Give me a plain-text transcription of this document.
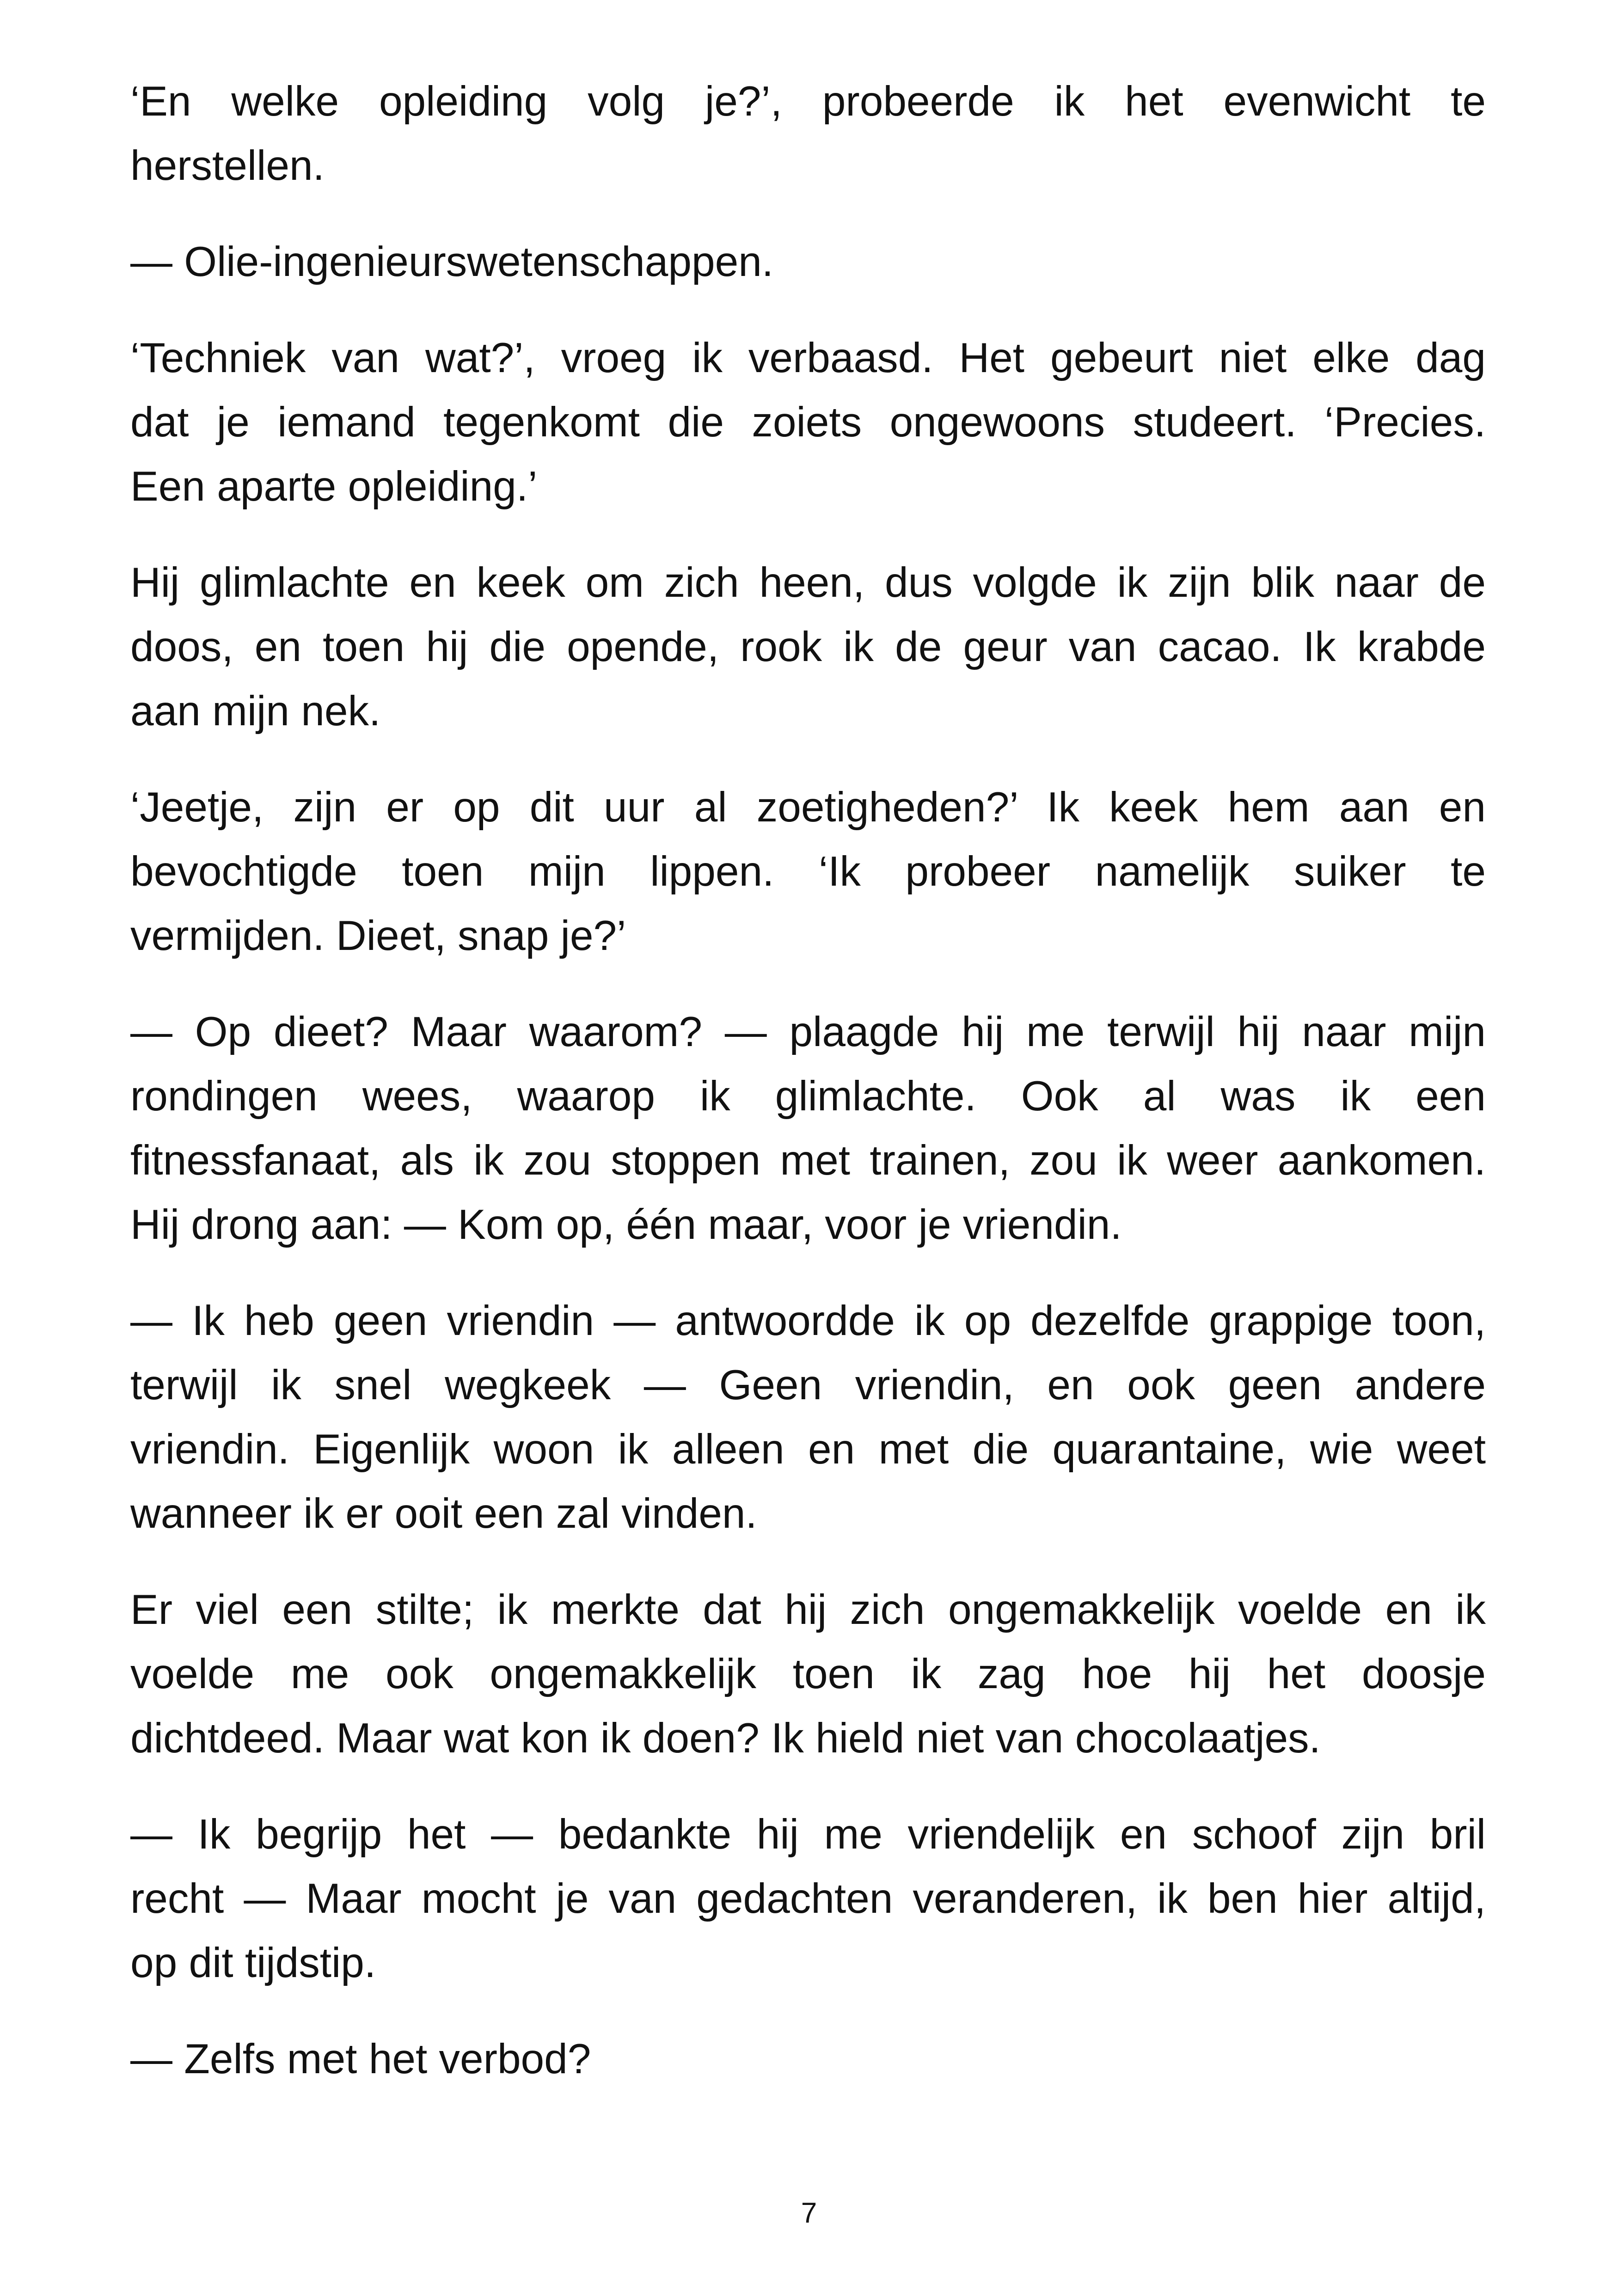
‘En welke opleiding volg je?’, probeerde ik het evenwicht te
herstellen.

— Olie-ingenieurswetenschappen.

‘Techniek van wat?’, vroeg ik verbaasd. Het gebeurt niet elke dag
dat je iemand tegenkomt die zoiets ongewoons studeert. ‘Precies.
Een aparte opleiding.’

Hij glimlachte en keek om zich heen, dus volgde ik zijn blik naar de
doos, en toen hij die opende, rook ik de geur van cacao. Ik krabde
aan mijn nek.

‘Jeetje, zijn er op dit uur al zoetigheden?’ Ik keek hem aan en
bevochtigde toen mijn lippen. ‘Ik probeer namelijk suiker te
vermijden. Dieet, snap je?’

— Op dieet? Maar waarom? — plaagde hij me terwijl hij naar mijn
rondingen wees, waarop ik glimlachte. Ook al was ik een
fitnessfanaat, als ik zou stoppen met trainen, zou ik weer aankomen.
Hij drong aan: — Kom op, één maar, voor je vriendin.

— Ik heb geen vriendin — antwoordde ik op dezelfde grappige toon,
terwijl ik snel wegkeek — Geen vriendin, en ook geen andere
vriendin. Eigenlijk woon ik alleen en met die quarantaine, wie weet
wanneer ik er ooit een zal vinden.

Er viel een stilte; ik merkte dat hij zich ongemakkelijk voelde en ik
voelde me ook ongemakkelijk toen ik zag hoe hij het doosje
dichtdeed. Maar wat kon ik doen? Ik hield niet van chocolaatjes.

— Ik begrijp het — bedankte hij me vriendelijk en schoof zijn bril
recht — Maar mocht je van gedachten veranderen, ik ben hier altijd,
op dit tijdstip.

— Zelfs met het verbod?

7
